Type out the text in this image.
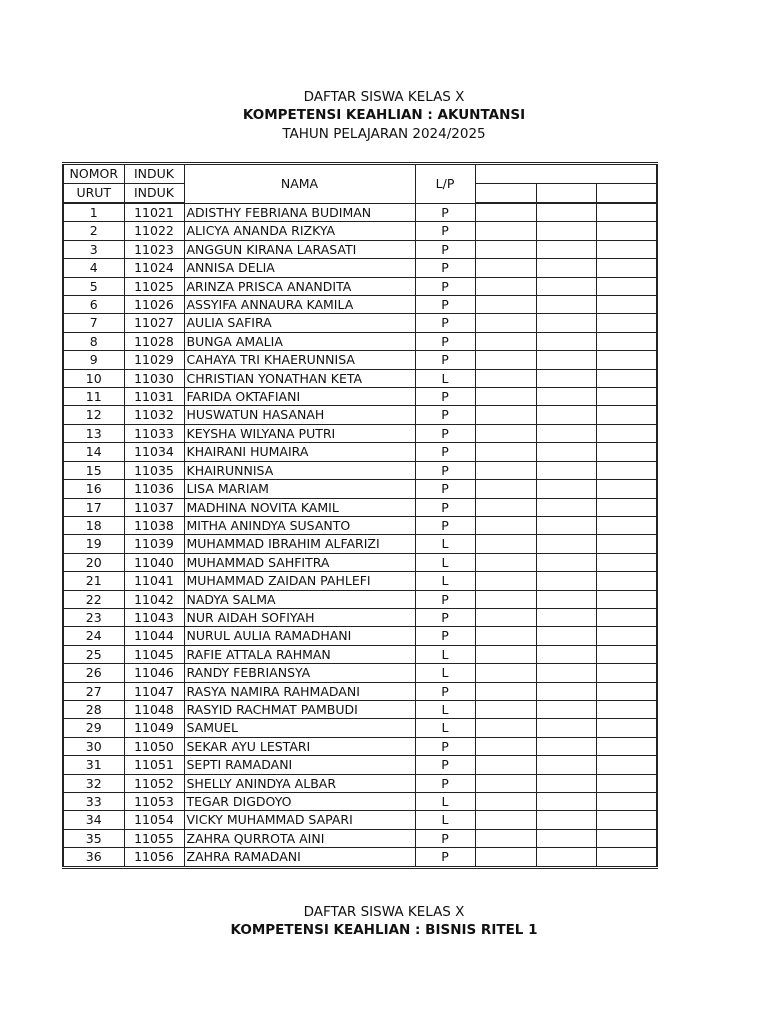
DAFTAR SISWA KELAS X
KOMPETENSI KEAHLIAN : AKUNTANSI
TAHUN PELAJARAN 2024/2025
NOMOR	INDUK	NAMA	L/P			
URUT	INDUK					
1	11021	ADISTHY FEBRIANA BUDIMAN	P			
2	11022	ALICYA ANANDA RIZKYA	P			
3	11023	ANGGUN KIRANA LARASATI	P			
4	11024	ANNISA DELIA	P			
5	11025	ARINZA PRISCA ANANDITA	P			
6	11026	ASSYIFA ANNAURA KAMILA	P			
7	11027	AULIA SAFIRA	P			
8	11028	BUNGA AMALIA	P			
9	11029	CAHAYA TRI KHAERUNNISA	P			
10	11030	CHRISTIAN YONATHAN KETA	L			
11	11031	FARIDA OKTAFIANI	P			
12	11032	HUSWATUN HASANAH	P			
13	11033	KEYSHA WILYANA PUTRI	P			
14	11034	KHAIRANI HUMAIRA	P			
15	11035	KHAIRUNNISA	P			
16	11036	LISA MARIAM	P			
17	11037	MADHINA NOVITA KAMIL	P			
18	11038	MITHA ANINDYA SUSANTO	P			
19	11039	MUHAMMAD IBRAHIM ALFARIZI	L			
20	11040	MUHAMMAD SAHFITRA	L			
21	11041	MUHAMMAD ZAIDAN PAHLEFI	L			
22	11042	NADYA SALMA	P			
23	11043	NUR AIDAH SOFIYAH	P			
24	11044	NURUL AULIA RAMADHANI	P			
25	11045	RAFIE ATTALA RAHMAN	L			
26	11046	RANDY FEBRIANSYA	L			
27	11047	RASYA NAMIRA RAHMADANI	P			
28	11048	RASYID RACHMAT PAMBUDI	L			
29	11049	SAMUEL	L			
30	11050	SEKAR AYU LESTARI	P			
31	11051	SEPTI RAMADANI	P			
32	11052	SHELLY ANINDYA ALBAR	P			
33	11053	TEGAR DIGDOYO	L			
34	11054	VICKY MUHAMMAD SAPARI	L			
35	11055	ZAHRA QURROTA AINI	P			
36	11056	ZAHRA RAMADANI	P			
DAFTAR SISWA KELAS X
KOMPETENSI KEAHLIAN : BISNIS RITEL 1
